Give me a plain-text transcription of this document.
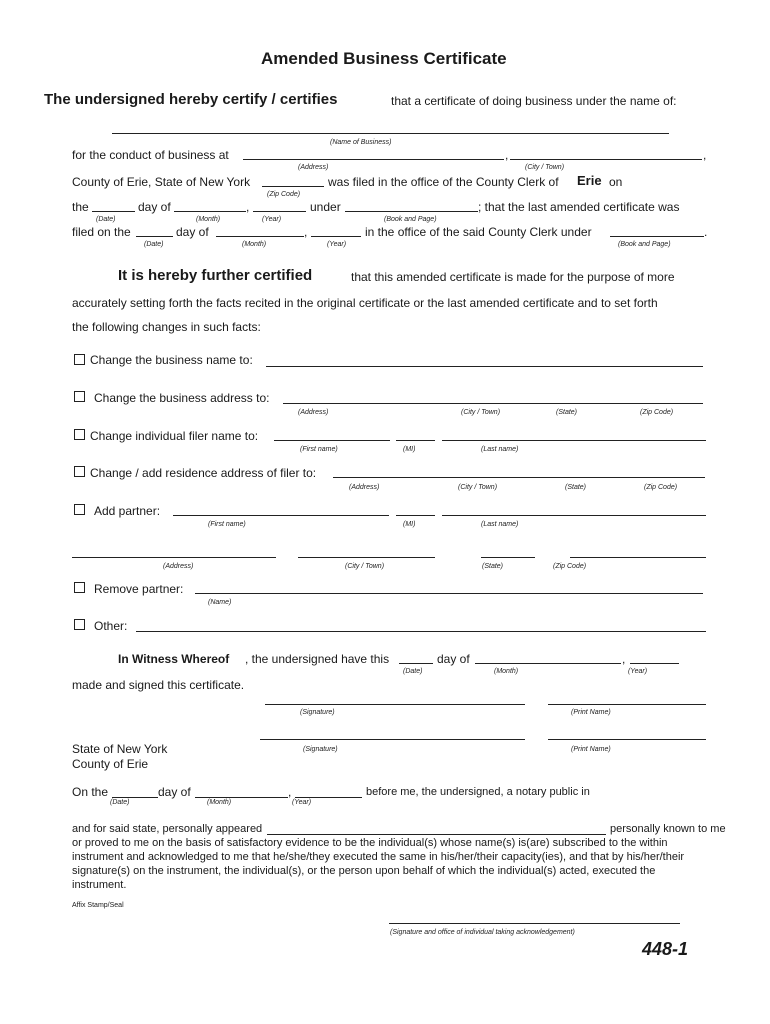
Amended Business Certificate
The undersigned hereby certify / certifies	that a certificate of doing business under the name of:
(Name of Business)
for the conduct of business at	,	,
(Address)	(City / Town)
County of Erie, State of New York	was filed in the office of the County Clerk of Erie on
(Zip Code)
the	day of	,	under	; that the last amended certificate was
(Date)	(Month)	(Year)	(Book and Page)
filed on the	day of	,	in the office of the said County Clerk under	.
(Date)	(Month)	(Year)	(Book and Page)
It is hereby further certified	that this amended certificate is made for the purpose of more
accurately setting forth the facts recited in the original certificate or the last amended certificate and to set forth
the following changes in such facts:
Change the business name to:
Change the business address to:
(Address)	(City / Town)	(State)	(Zip Code)
Change individual filer name to:
(First name)	(MI)	(Last name)
Change / add residence address of filer to:
(Address)	(City / Town)	(State)	(Zip Code)
Add partner:
(First name)	(MI)	(Last name)
(Address)	(City / Town)	(State)	(Zip Code)
Remove partner:
(Name)
Other:
In Witness Whereof , the undersigned have this	day of	,
(Date)	(Month)	(Year)
made and signed this certificate.
(Signature)	(Print Name)
(Signature)	(Print Name)
State of New York
County of Erie
On the	day of	,	before me, the undersigned, a notary public in
(Date)	(Month)	(Year)
and for said state, personally appeared	personally known to me
or proved to me on the basis of satisfactory evidence to be the individual(s) whose name(s) is(are) subscribed to the within
instrument and acknowledged to me that he/she/they executed the same in his/her/their capacity(ies), and that by his/her/their
signature(s) on the instrument, the individual(s), or the person upon behalf of which the individual(s) acted, executed the
instrument.
Affix Stamp/Seal
(Signature and office of individual taking acknowledgement)
448-1
